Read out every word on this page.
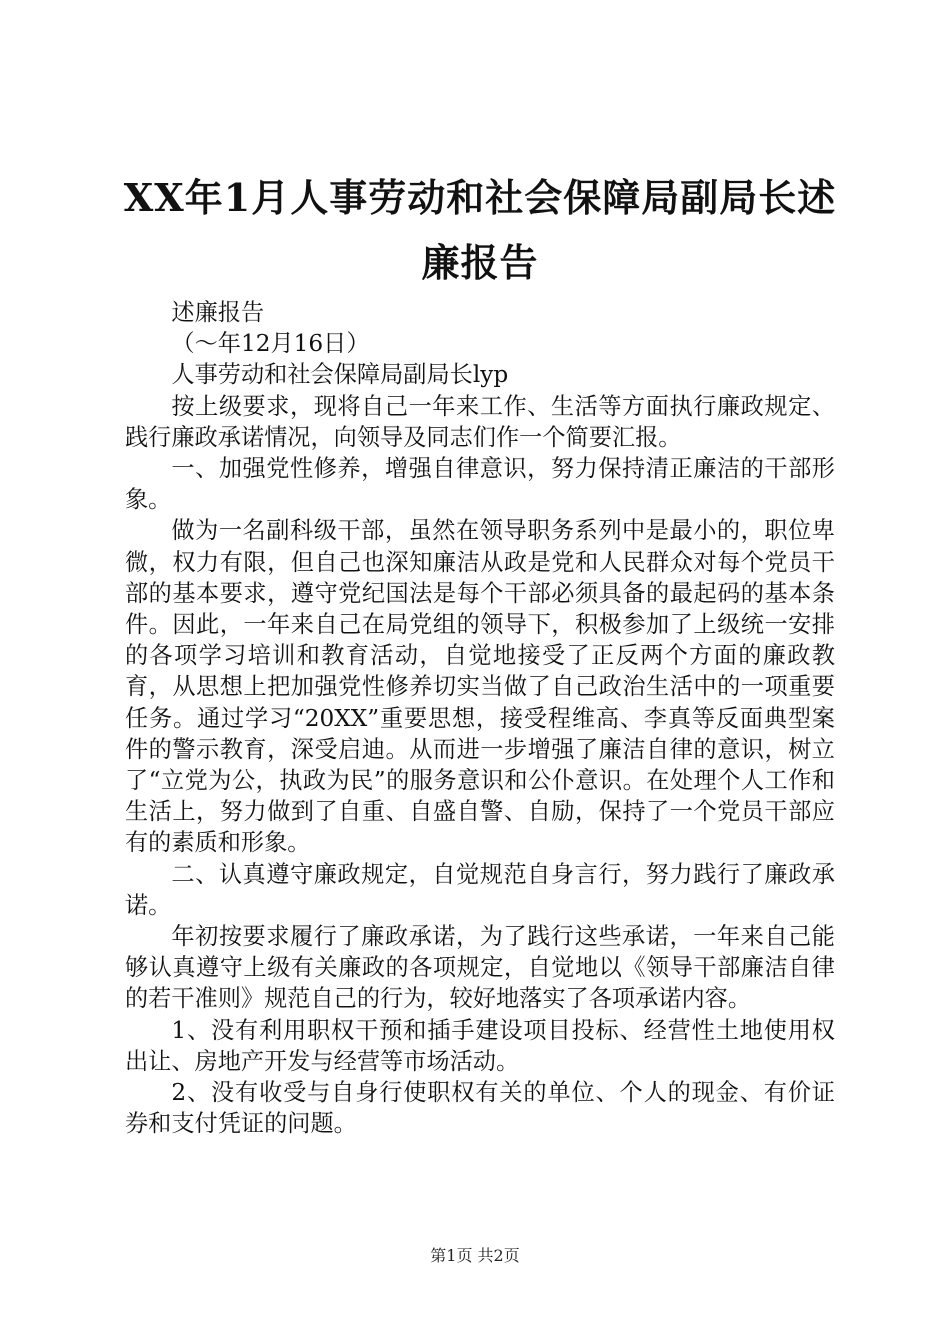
XX年1月人事劳动和社会保障局副局长述廉报告

述廉报告

（～年12月16日）

人事劳动和社会保障局副局长lyp

按上级要求，现将自己一年来工作、生活等方面执行廉政规定、践行廉政承诺情况，向领导及同志们作一个简要汇报。

一、加强党性修养，增强自律意识，努力保持清正廉洁的干部形象。

做为一名副科级干部，虽然在领导职务系列中是最小的，职位卑微，权力有限，但自己也深知廉洁从政是党和人民群众对每个党员干部的基本要求，遵守党纪国法是每个干部必须具备的最起码的基本条件。因此，一年来自己在局党组的领导下，积极参加了上级统一安排的各项学习培训和教育活动，自觉地接受了正反两个方面的廉政教育，从思想上把加强党性修养切实当做了自己政治生活中的一项重要任务。通过学习“20XX”重要思想，接受程维高、李真等反面典型案件的警示教育，深受启迪。从而进一步增强了廉洁自律的意识，树立了“立党为公，执政为民”的服务意识和公仆意识。在处理个人工作和生活上，努力做到了自重、自盛自警、自励，保持了一个党员干部应有的素质和形象。

二、认真遵守廉政规定，自觉规范自身言行，努力践行了廉政承诺。

年初按要求履行了廉政承诺，为了践行这些承诺，一年来自己能够认真遵守上级有关廉政的各项规定，自觉地以《领导干部廉洁自律的若干准则》规范自己的行为，较好地落实了各项承诺内容。

1、没有利用职权干预和插手建设项目投标、经营性土地使用权出让、房地产开发与经营等市场活动。

2、没有收受与自身行使职权有关的单位、个人的现金、有价证券和支付凭证的问题。

第1页 共2页
